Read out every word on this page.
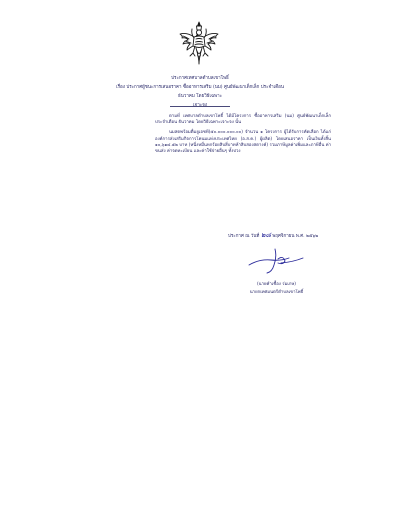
ประกาศเทศบาลตำบลเขาโพธิ์
เรื่อง ประกาศผู้ชนะการเสนอราคา ซื้ออาหารเสริม (นม) ศูนย์พัฒนาเด็กเล็ก ประจำเดือน
ธันวาคม โดยวิธีเฉพาะ
เจาะจง

ตามที่ เทศบาลตำบลเขาโพธิ์ ได้มีโครงการ ซื้ออาหารเสริม (นม) ศูนย์พัฒนาเด็กเล็ก ประจำเดือน ธันวาคม โดยวิธีเฉพาะเจาะจง นั้น

นมสดพร้อมดื่มยูเอชที(๕๐.๐๐๐.๐๐๐.๐๐) จำนวน ๑ โครงการ ผู้ได้รับการคัดเลือก ได้แก่ องค์การส่งเสริมกิจการโคนมแห่งประเทศไทย (อ.ส.ค.) ผู้ผลิต) โดยเสนอราคา เป็นเงินทั้งสิ้น ๑๐,๖๑๔.๕๒ บาท (หนึ่งหมื่นหกร้อยสิบสี่บาทห้าสิบสองสตางค์) รวมภาษีมูลค่าเพิ่มและภาษีอื่น ค่าขนส่ง ค่าจดทะเบียน และค่าใช้จ่ายอื่นๆ ทั้งปวง

ประกาศ ณ วันที่ ๒๘ พฤศจิกายน พ.ศ. ๒๕๖๒
(นายคำเชื้อง ร่มเกษ)
นายกเทศมนตรีตำบลเขาโพธิ์
